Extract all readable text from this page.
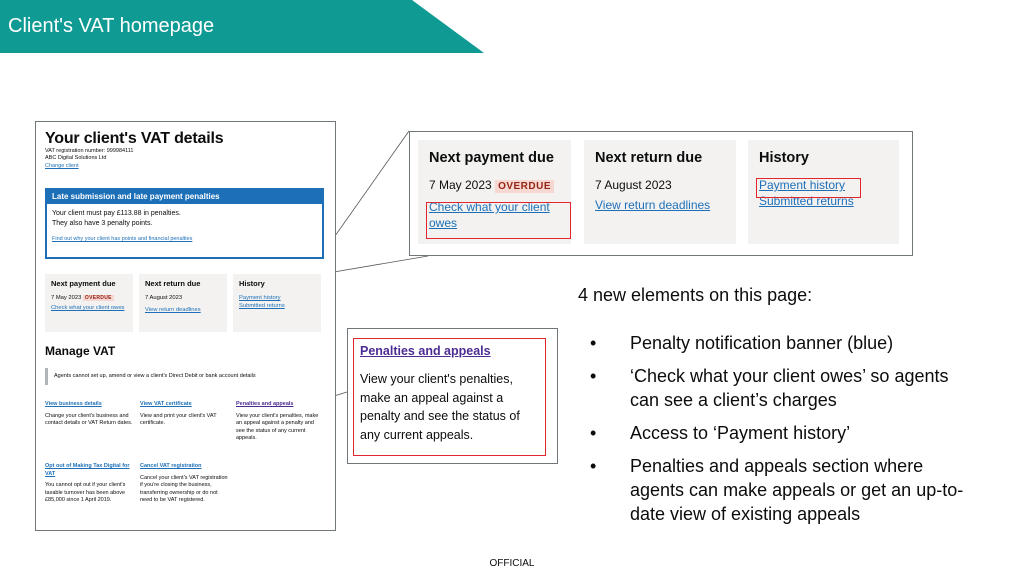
Client's VAT homepage
Your client's VAT details
VAT registration number: 999984111
ABC Digital Solutions Ltd
Change client
Late submission and late payment penalties
Your client must pay £113.88 in penalties.
They also have 3 penalty points.
Find out why your client has points and financial penalties
Next payment due
7 May 2023 OVERDUE
Check what your client owes
Next return due
7 August 2023
View return deadlines
History
Payment history
Submitted returns
Manage VAT
Agents cannot set up, amend or view a client's Direct Debit or bank account details
View business details
Change your client's business and contact details or VAT Return dates.
View VAT certificate
View and print your client's VAT certificate.
Penalties and appeals
View your client's penalties, make an appeal against a penalty and see the status of any current appeals.
Opt out of Making Tax Digital for VAT
You cannot opt out if your client's taxable turnover has been above £85,000 since 1 April 2019.
Cancel VAT registration
Cancel your client's VAT registration if you're closing the business, transferring ownership or do not need to be VAT registered.
Next payment due
7 May 2023 OVERDUE
Check what your client owes
Next return due
7 August 2023
View return deadlines
History
Payment history
Submitted returns
Penalties and appeals
View your client's penalties, make an appeal against a penalty and see the status of any current appeals.
4 new elements on this page:
• Penalty notification banner (blue)
• ‘Check what your client owes’ so agents can see a client’s charges
• Access to ‘Payment history’
• Penalties and appeals section where agents can make appeals or get an up-to-date view of existing appeals
OFFICIAL
